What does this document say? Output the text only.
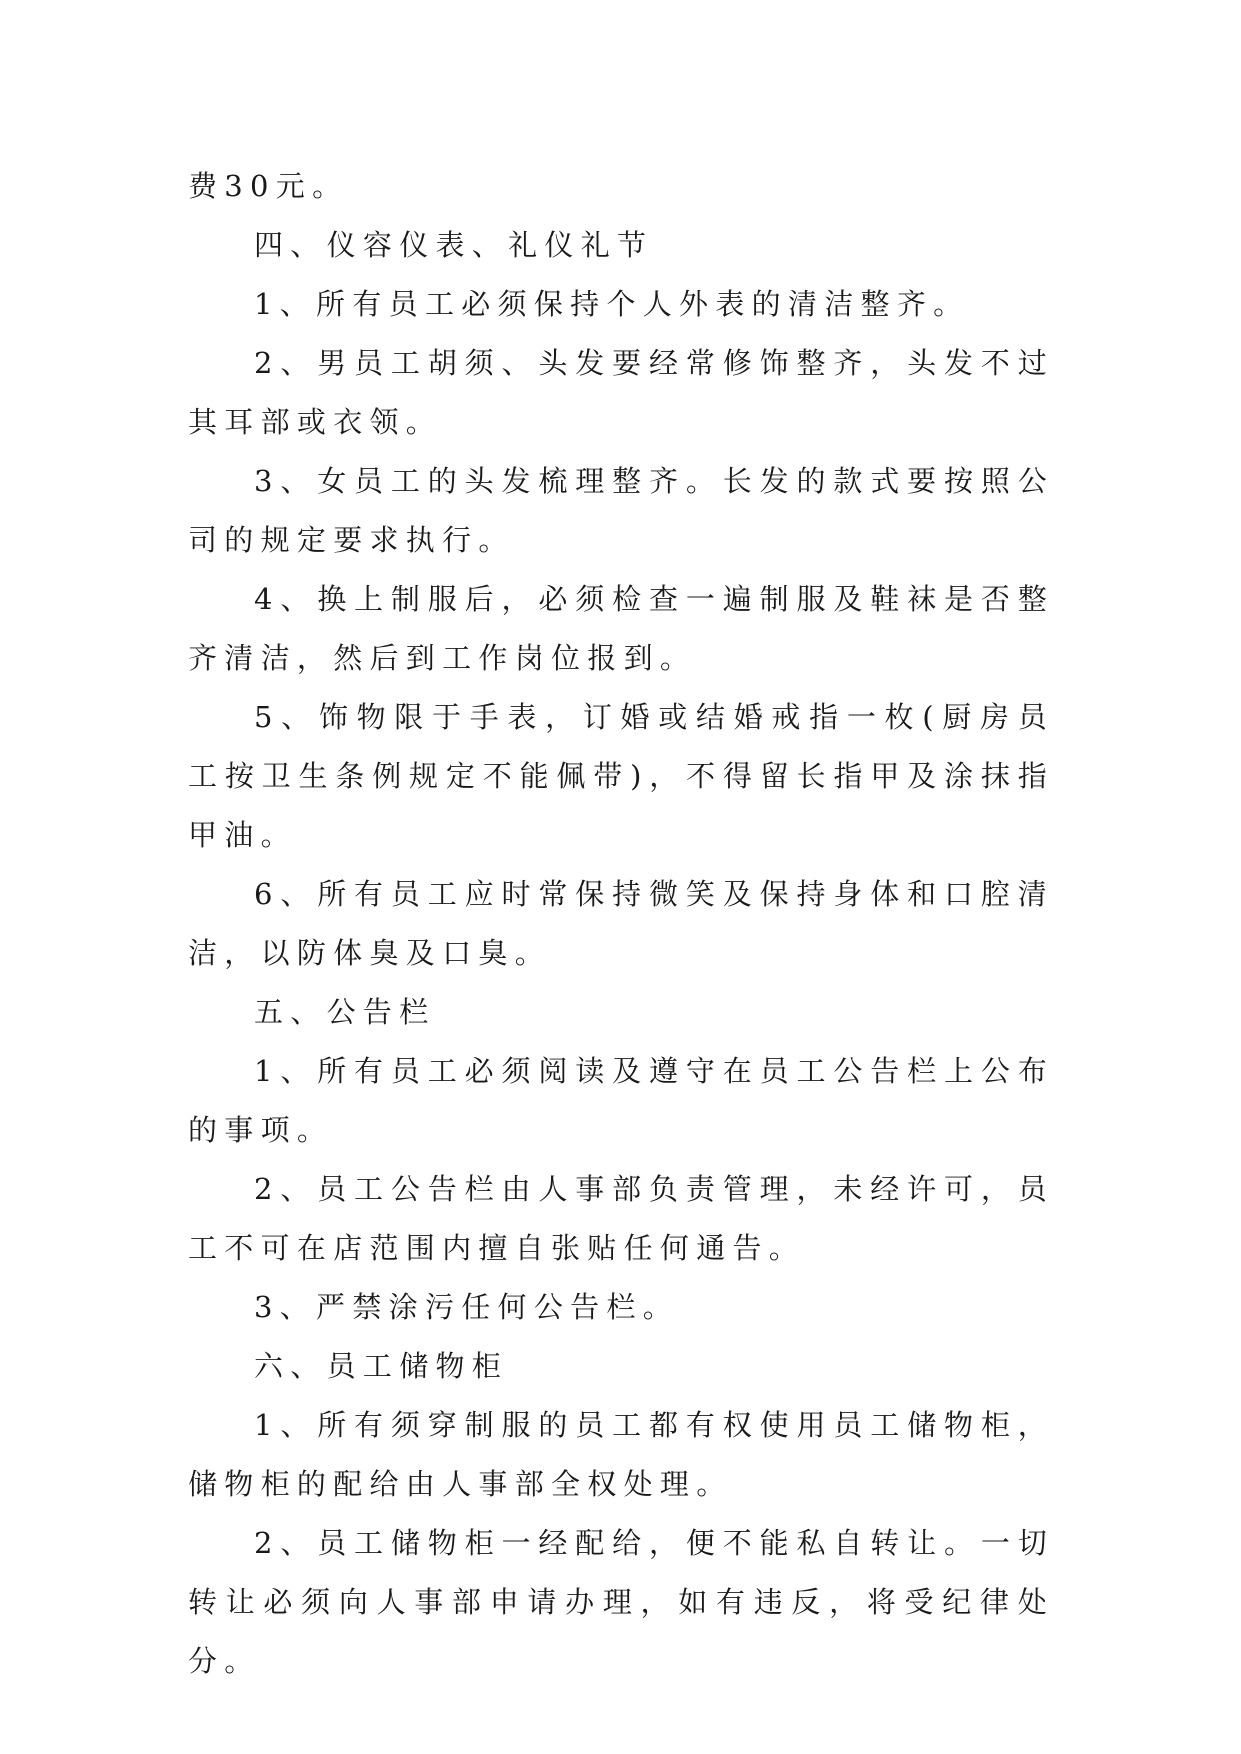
费30元。

四、仪容仪表、礼仪礼节

1、所有员工必须保持个人外表的清洁整齐。

2、男员工胡须、头发要经常修饰整齐，头发不过其耳部或衣领。

3、女员工的头发梳理整齐。长发的款式要按照公司的规定要求执行。

4、换上制服后，必须检查一遍制服及鞋袜是否整齐清洁，然后到工作岗位报到。

5、饰物限于手表，订婚或结婚戒指一枚(厨房员工按卫生条例规定不能佩带)，不得留长指甲及涂抹指甲油。

6、所有员工应时常保持微笑及保持身体和口腔清洁，以防体臭及口臭。

五、公告栏

1、所有员工必须阅读及遵守在员工公告栏上公布的事项。

2、员工公告栏由人事部负责管理，未经许可，员工不可在店范围内擅自张贴任何通告。

3、严禁涂污任何公告栏。

六、员工储物柜

1、所有须穿制服的员工都有权使用员工储物柜，储物柜的配给由人事部全权处理。

2、员工储物柜一经配给，便不能私自转让。一切转让必须向人事部申请办理，如有违反，将受纪律处分。
